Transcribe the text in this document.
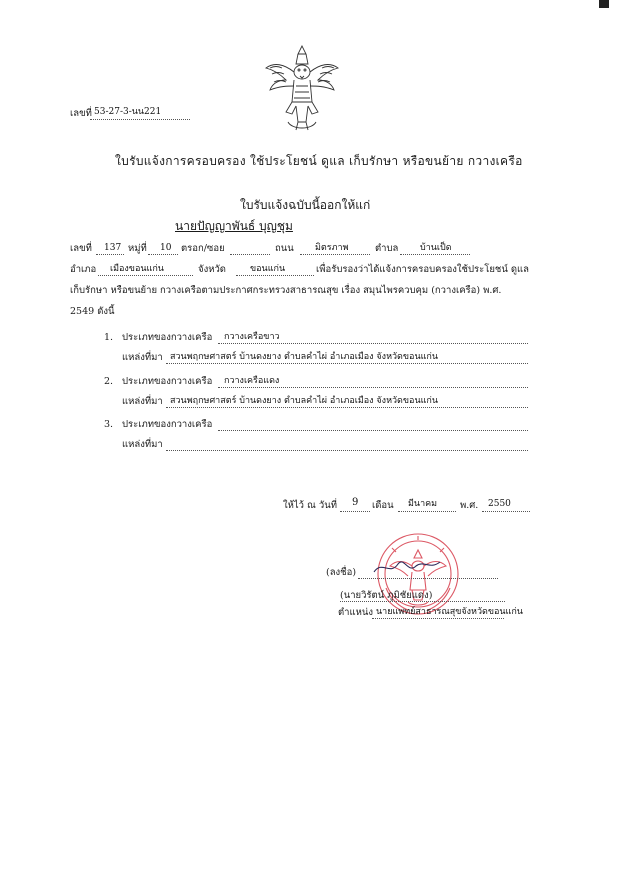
เลขที่ 53-27-3-นน221
ใบรับแจ้งการครอบครอง ใช้ประโยชน์ ดูแล เก็บรักษา หรือขนย้าย กวางเครือ
ใบรับแจ้งฉบับนี้ออกให้แก่
นายปัญญาพันธ์ บุญชุม
เลขที่ 137 หมู่ที่ 10 ตรอก/ซอย	ถนน มิตรภาพ	ตำบล บ้านเป็ด
อำเภอ เมืองขอนแก่น	จังหวัด	ขอนแก่น	เพื่อรับรองว่าได้แจ้งการครอบครองใช้ประโยชน์ ดูแล
เก็บรักษา หรือขนย้าย กวางเครือตามประกาศกระทรวงสาธารณสุข เรื่อง สมุนไพรควบคุม (กวางเครือ) พ.ศ.
2549 ดังนี้
1. ประเภทของกวางเครือ กวางเครือขาว
แหล่งที่มา สวนพฤกษศาสตร์ บ้านดงยาง ตำบลคำไผ่ อำเภอเมือง จังหวัดขอนแก่น
2. ประเภทของกวางเครือ กวางเครือแดง
แหล่งที่มา สวนพฤกษศาสตร์ บ้านดงยาง ตำบลคำไผ่ อำเภอเมือง จังหวัดขอนแก่น
3. ประเภทของกวางเครือ
แหล่งที่มา
ให้ไว้ ณ วันที่ 9 เดือน มีนาคม พ.ศ. 2550
(ลงชื่อ)
(นายวิรัตน์ ภูมิชัยแดง)
ตำแหน่ง นายแพทย์สาธารณสุขจังหวัดขอนแก่น
